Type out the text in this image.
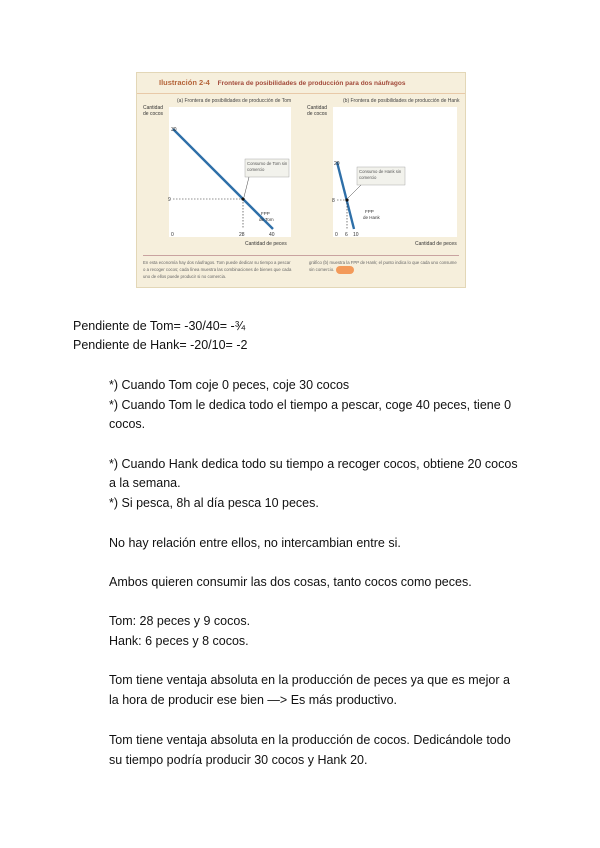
Ilustración 2-4 Frontera de posibilidades de producción para dos náufragos
(a) Frontera de posibilidades de producción de Tom
Cantidad
de cocos
Cantidad de peces
30
9
0	28	40
FPP
de Tom
Consumo de Tom sin comercio
(b) Frontera de posibilidades de producción de Hank
Cantidad
de cocos
Cantidad de peces
20
8
0 6 10
FPP
de Hank
Consumo de Hank sin comercio
En esta economía hay dos náufragos. Tom puede dedicar su tiempo a pescar o a recoger cocos; cada línea muestra las combinaciones de bienes que cada uno de ellos puede producir si no comercia.
gráfico (b) muestra la FPP de Hank; el punto indica lo que cada uno consume sin comercio.
Pendiente de Tom= -30/40= -¾
Pendiente de Hank= -20/10= -2
*) Cuando Tom coje 0 peces, coje 30 cocos
*) Cuando Tom le dedica todo el tiempo a pescar, coge 40 peces, tiene 0
cocos.
*) Cuando Hank dedica todo su tiempo a recoger cocos, obtiene 20 cocos
a la semana.
*) Si pesca, 8h al día pesca 10 peces.
No hay relación entre ellos, no intercambian entre si.
Ambos quieren consumir las dos cosas, tanto cocos como peces.
Tom: 28 peces y 9 cocos.
Hank: 6 peces y 8 cocos.
Tom tiene ventaja absoluta en la producción de peces ya que es mejor a
la hora de producir ese bien —> Es más productivo.
Tom tiene ventaja absoluta en la producción de cocos. Dedicándole todo
su tiempo podría producir 30 cocos y Hank 20.
